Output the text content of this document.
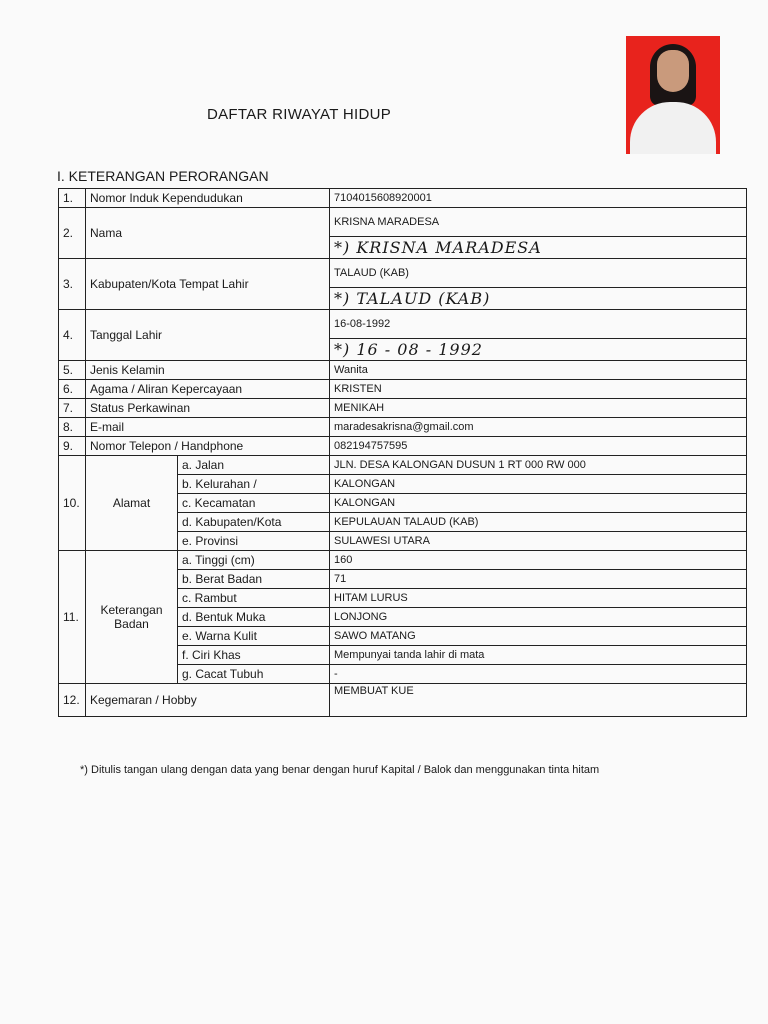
DAFTAR RIWAYAT HIDUP
I. KETERANGAN PERORANGAN
1.	Nomor Induk Kependudukan		7104015608920001
2.	Nama		KRISNA MARADESA
			*) KRISNA MARADESA
3.	Kabupaten/Kota Tempat Lahir		TALAUD (KAB)
			*) TALAUD (KAB)
4.	Tanggal Lahir		16-08-1992
			*) 16 - 08 - 1992
5.	Jenis Kelamin		Wanita
6.	Agama / Aliran Kepercayaan		KRISTEN
7.	Status Perkawinan		MENIKAH
8.	E-mail		maradesakrisna@gmail.com
9.	Nomor Telepon / Handphone		082194757595
10.	Alamat	a. Jalan	JLN. DESA KALONGAN DUSUN 1 RT 000 RW 000
		b. Kelurahan /	KALONGAN
		c. Kecamatan	KALONGAN
		d. Kabupaten/Kota	KEPULAUAN TALAUD (KAB)
		e. Provinsi	SULAWESI UTARA
11.	Keterangan Badan	a. Tinggi (cm)	160
		b. Berat Badan	71
		c. Rambut	HITAM LURUS
		d. Bentuk Muka	LONJONG
		e. Warna Kulit	SAWO MATANG
		f. Ciri Khas	Mempunyai tanda lahir di mata
		g. Cacat Tubuh	-
12.	Kegemaran / Hobby		MEMBUAT KUE
*) Ditulis tangan ulang dengan data yang benar dengan huruf Kapital / Balok dan menggunakan tinta hitam
